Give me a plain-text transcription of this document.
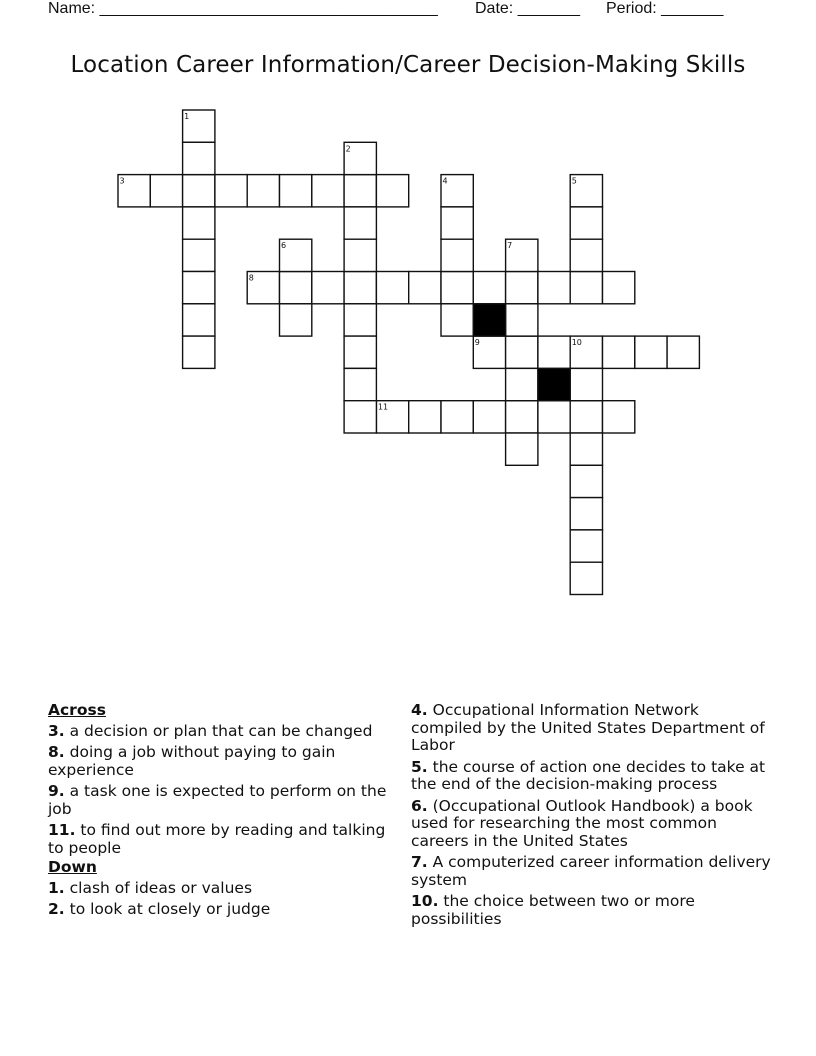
Name: ______________________________________ Date: _______ Period: _______
Location Career Information/Career Decision-Making Skills
3
8
9	10
11
1
2
4	5
6	7
Across
3. a decision or plan that can be changed
8. doing a job without paying to gain experience
9. a task one is expected to perform on the job
11. to find out more by reading and talking to people
Down
1. clash of ideas or values
2. to look at closely or judge
4. Occupational Information Network compiled by the United States Department of Labor
5. the course of action one decides to take at the end of the decision-making process
6. (Occupational Outlook Handbook) a book used for researching the most common careers in the United States
7. A computerized career information delivery system
10. the choice between two or more possibilities
